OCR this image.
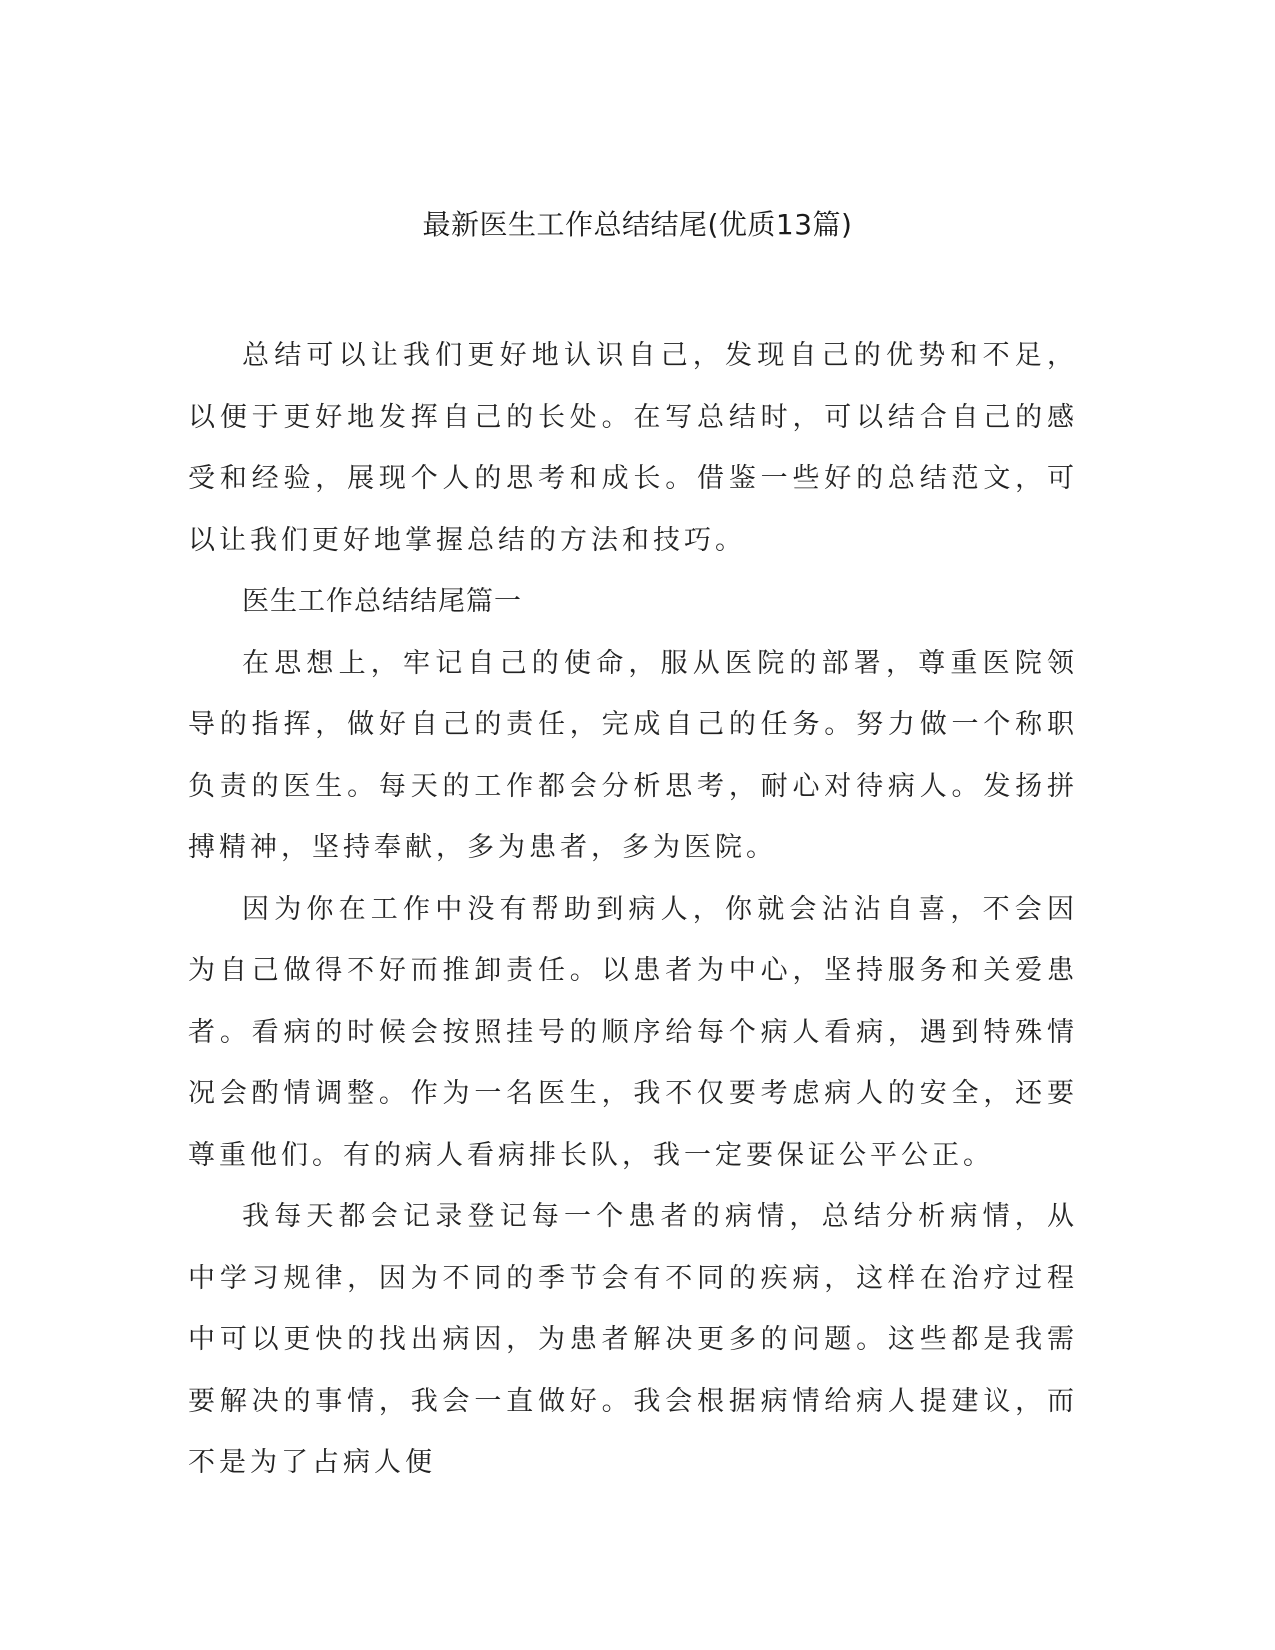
最新医生工作总结结尾(优质13篇)

总结可以让我们更好地认识自己，发现自己的优势和不足，以便于更好地发挥自己的长处。在写总结时，可以结合自己的感受和经验，展现个人的思考和成长。借鉴一些好的总结范文，可以让我们更好地掌握总结的方法和技巧。

医生工作总结结尾篇一

在思想上，牢记自己的使命，服从医院的部署，尊重医院领导的指挥，做好自己的责任，完成自己的任务。努力做一个称职负责的医生。每天的工作都会分析思考，耐心对待病人。发扬拼搏精神，坚持奉献，多为患者，多为医院。

因为你在工作中没有帮助到病人，你就会沾沾自喜，不会因为自己做得不好而推卸责任。以患者为中心，坚持服务和关爱患者。看病的时候会按照挂号的顺序给每个病人看病，遇到特殊情况会酌情调整。作为一名医生，我不仅要考虑病人的安全，还要尊重他们。有的病人看病排长队，我一定要保证公平公正。

我每天都会记录登记每一个患者的病情，总结分析病情，从中学习规律，因为不同的季节会有不同的疾病，这样在治疗过程中可以更快的找出病因，为患者解决更多的问题。这些都是我需要解决的事情，我会一直做好。我会根据病情给病人提建议，而不是为了占病人便
